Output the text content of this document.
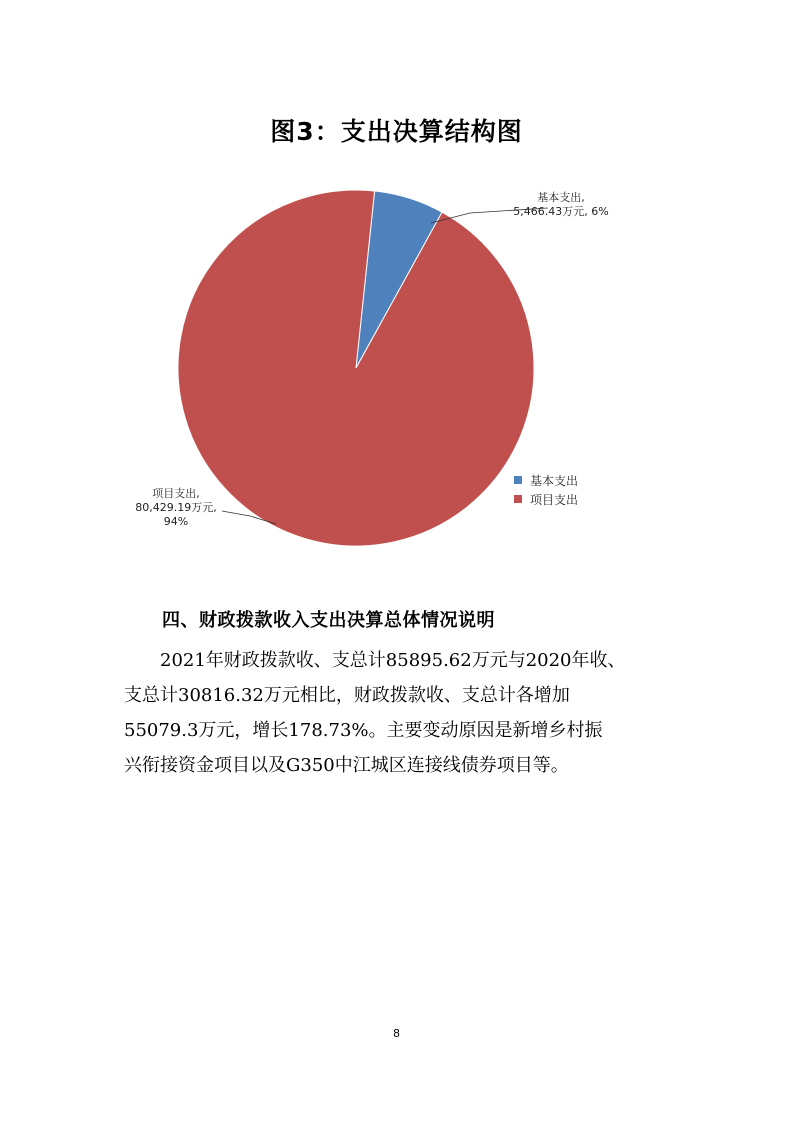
图3：支出决算结构图
基本支出,
5,466.43万元, 6%
项目支出,
80,429.19万元,
94%
基本支出
项目支出
四、财政拨款收入支出决算总体情况说明

2021年财政拨款收、支总计85895.62万元与2020年收、
支总计30816.32万元相比，财政拨款收、支总计各增加
55079.3万元，增长178.73%。主要变动原因是新增乡村振
兴衔接资金项目以及G350中江城区连接线债券项目等。

8
